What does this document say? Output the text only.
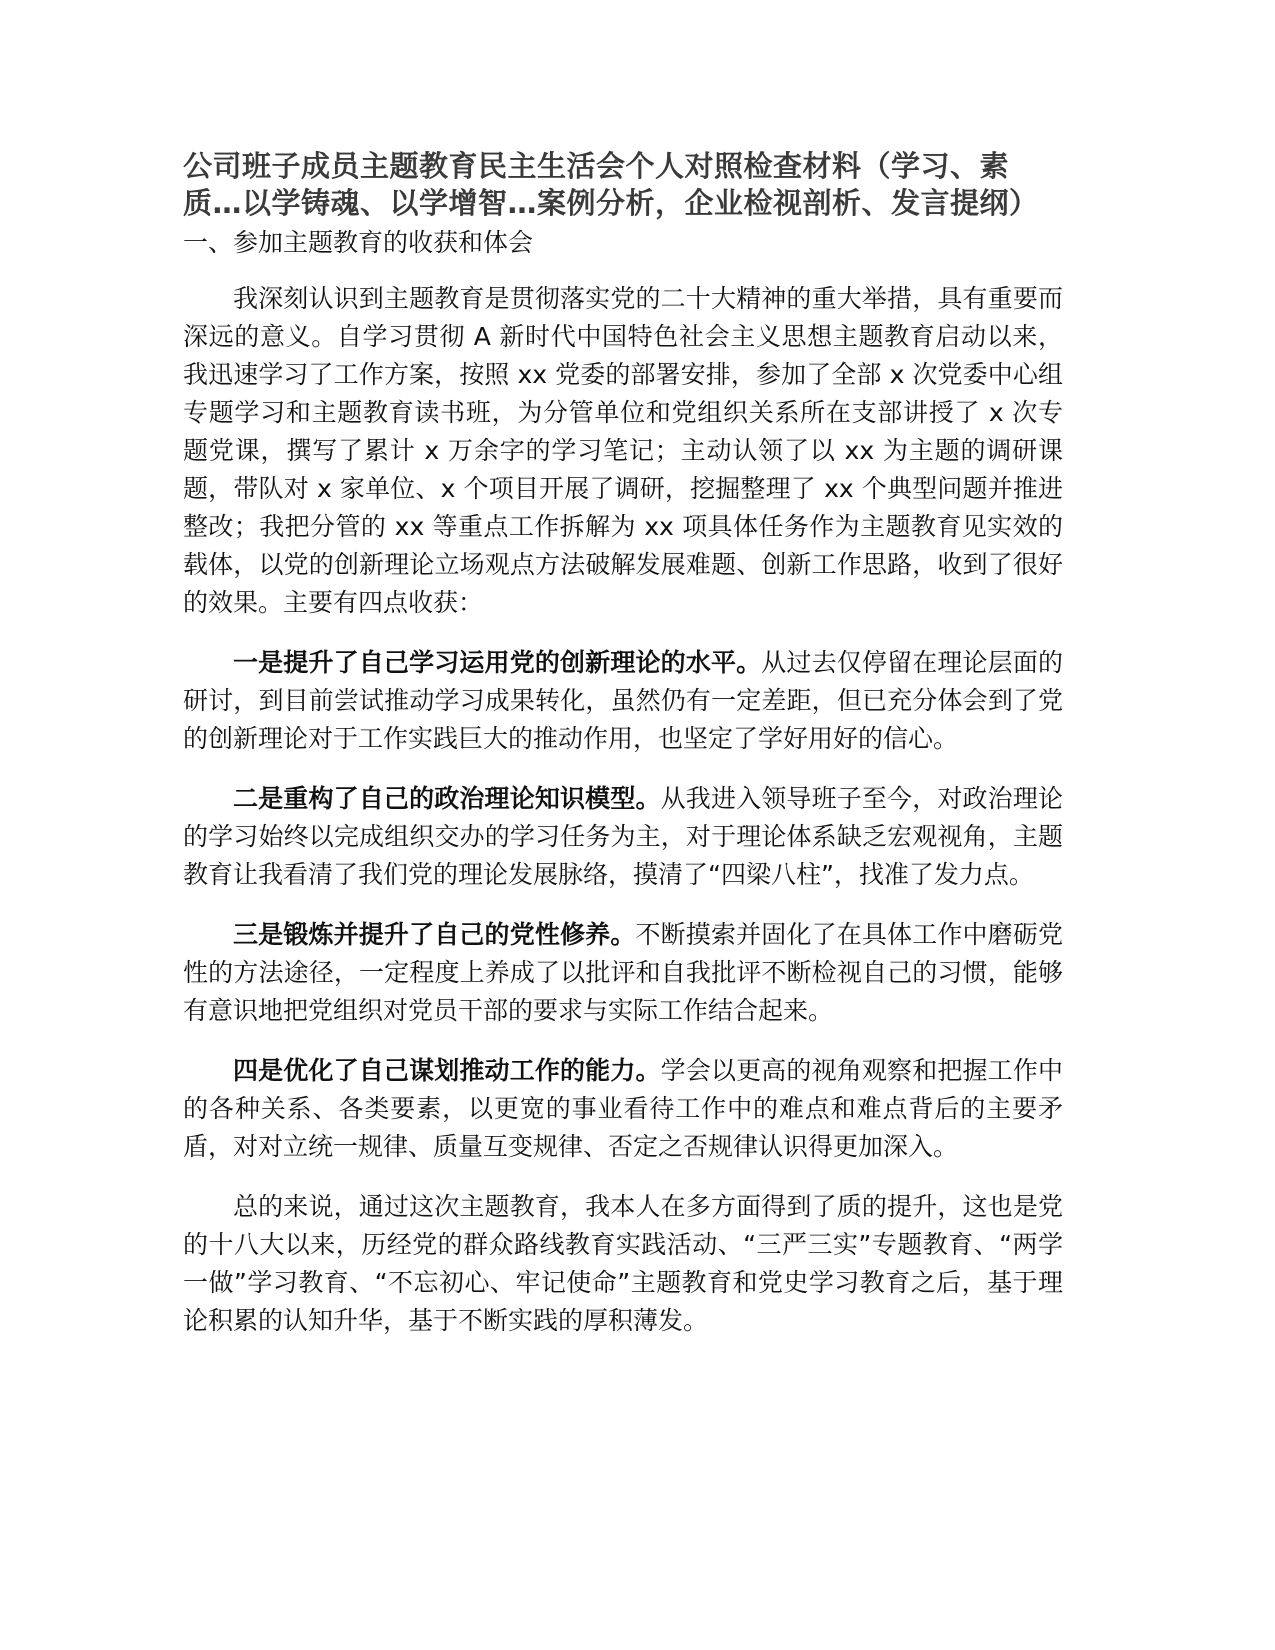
公司班子成员主题教育民主生活会个人对照检查材料（学习、素质…以学铸魂、以学增智…案例分析，企业检视剖析、发言提纲）
一、参加主题教育的收获和体会

我深刻认识到主题教育是贯彻落实党的二十大精神的重大举措，具有重要而深远的意义。自学习贯彻 A 新时代中国特色社会主义思想主题教育启动以来，我迅速学习了工作方案，按照 xx 党委的部署安排，参加了全部 x 次党委中心组专题学习和主题教育读书班，为分管单位和党组织关系所在支部讲授了 x 次专题党课，撰写了累计 x 万余字的学习笔记；主动认领了以 xx 为主题的调研课题，带队对 x 家单位、x 个项目开展了调研，挖掘整理了 xx 个典型问题并推进整改；我把分管的 xx 等重点工作拆解为 xx 项具体任务作为主题教育见实效的载体，以党的创新理论立场观点方法破解发展难题、创新工作思路，收到了很好的效果。主要有四点收获：

一是提升了自己学习运用党的创新理论的水平。从过去仅停留在理论层面的研讨，到目前尝试推动学习成果转化，虽然仍有一定差距，但已充分体会到了党的创新理论对于工作实践巨大的推动作用，也坚定了学好用好的信心。

二是重构了自己的政治理论知识模型。从我进入领导班子至今，对政治理论的学习始终以完成组织交办的学习任务为主，对于理论体系缺乏宏观视角，主题教育让我看清了我们党的理论发展脉络，摸清了“四梁八柱”，找准了发力点。

三是锻炼并提升了自己的党性修养。不断摸索并固化了在具体工作中磨砺党性的方法途径，一定程度上养成了以批评和自我批评不断检视自己的习惯，能够有意识地把党组织对党员干部的要求与实际工作结合起来。

四是优化了自己谋划推动工作的能力。学会以更高的视角观察和把握工作中的各种关系、各类要素，以更宽的事业看待工作中的难点和难点背后的主要矛盾，对对立统一规律、质量互变规律、否定之否规律认识得更加深入。

总的来说，通过这次主题教育，我本人在多方面得到了质的提升，这也是党的十八大以来，历经党的群众路线教育实践活动、“三严三实”专题教育、“两学一做”学习教育、“不忘初心、牢记使命”主题教育和党史学习教育之后，基于理论积累的认知升华，基于不断实践的厚积薄发。
